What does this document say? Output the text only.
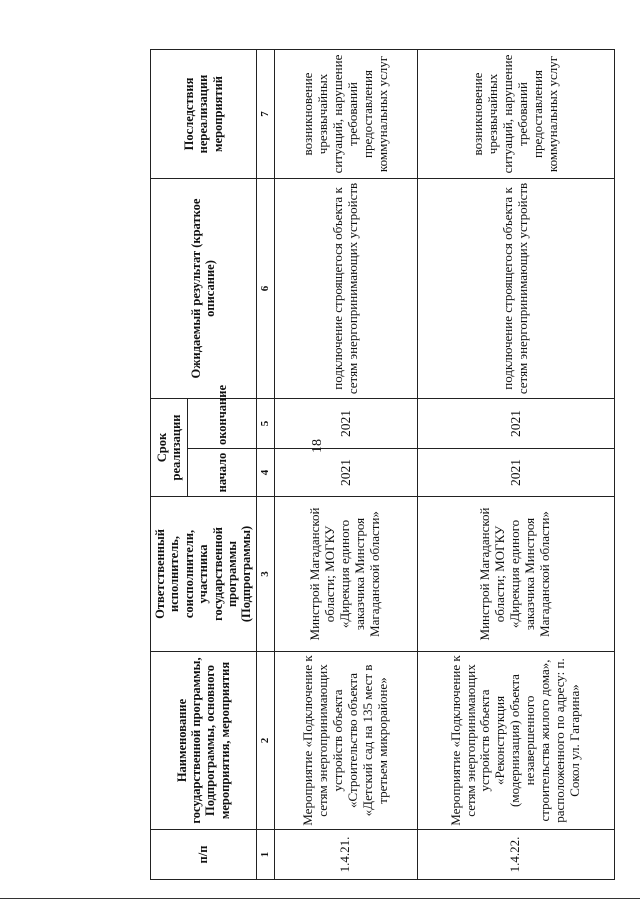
18
п/п	Наименование государственной программы, Подпрограммы, основного мероприятия, мероприятия	Ответственный исполнитель, соисполнители, участника государственной программы (Подпрограммы)	Срок реализации		Ожидаемый результат (краткое описание)	Последствия нереализации мероприятий
			начало	окончание		
1	2	3	4	5	6	7
1.4.21.	Мероприятие «Подключение к сетям энергопринимающих устройств объекта «Строительство объекта «Детский сад на 135 мест в третьем микрорайоне»	Минстрой Магаданской области; МОГКУ «Дирекция единого заказчика Минстроя Магаданской области»	2021	2021	подключение строящегося объекта к сетям энергопринимающих устройств	возникновение чрезвычайных ситуаций, нарушение требований предоставления коммунальных услуг
1.4.22.	Мероприятие «Подключение к сетям энергопринимающих устройств объекта «Реконструкция (модернизация) объекта незавершенного строительства жилого дома», расположенного по адресу: п. Сокол ул. Гагарина»	Минстрой Магаданской области; МОГКУ «Дирекция единого заказчика Минстроя Магаданской области»	2021	2021	подключение строящегося объекта к сетям энергопринимающих устройств	возникновение чрезвычайных ситуаций, нарушение требований предоставления коммунальных услуг
